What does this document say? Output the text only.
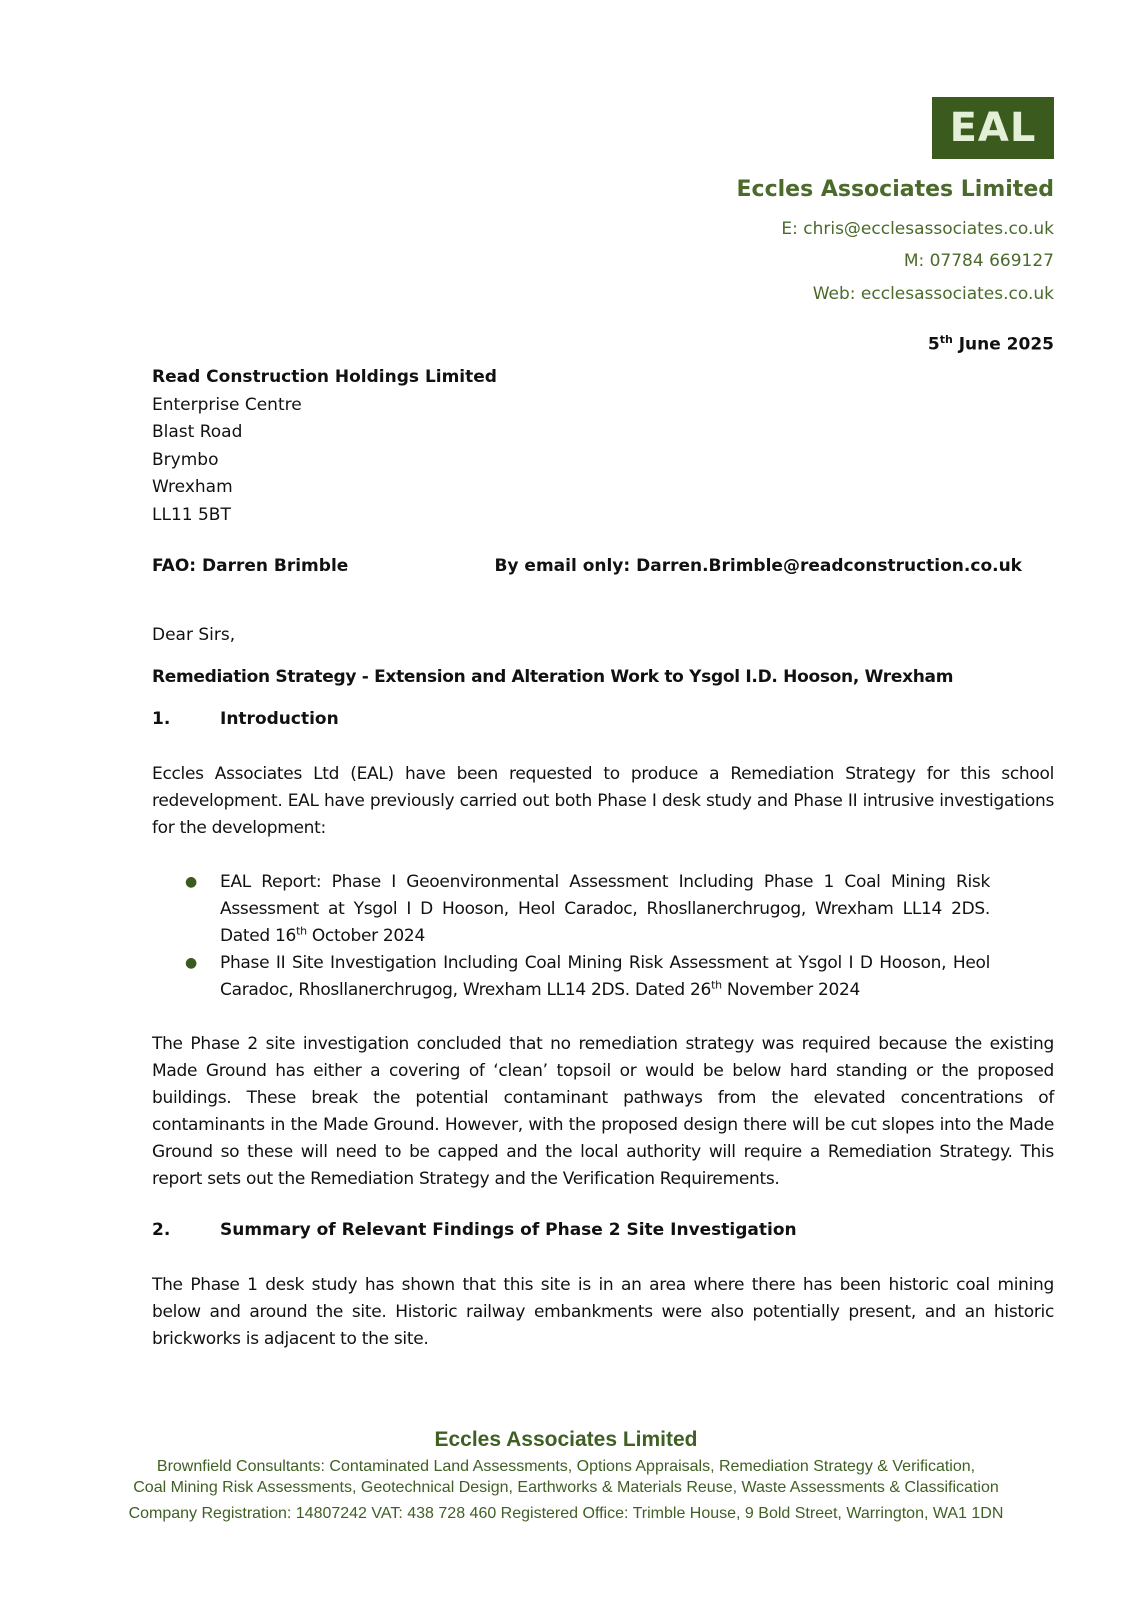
EAL
Eccles Associates Limited
E: chris@ecclesassociates.co.uk
M: 07784 669127
Web: ecclesassociates.co.uk
5th June 2025
Read Construction Holdings Limited
Enterprise Centre
Blast Road
Brymbo
Wrexham
LL11 5BT
FAO: Darren Brimble	By email only: Darren.Brimble@readconstruction.co.uk
Dear Sirs,
Remediation Strategy - Extension and Alteration Work to Ysgol I.D. Hooson, Wrexham
1.	Introduction
Eccles Associates Ltd (EAL) have been requested to produce a Remediation Strategy for this school redevelopment. EAL have previously carried out both Phase I desk study and Phase II intrusive investigations for the development:
●	EAL Report: Phase I Geoenvironmental Assessment Including Phase 1 Coal Mining Risk Assessment at Ysgol I D Hooson, Heol Caradoc, Rhosllanerchrugog, Wrexham LL14 2DS. Dated 16th October 2024
●	Phase II Site Investigation Including Coal Mining Risk Assessment at Ysgol I D Hooson, Heol Caradoc, Rhosllanerchrugog, Wrexham LL14 2DS. Dated 26th November 2024
The Phase 2 site investigation concluded that no remediation strategy was required because the existing Made Ground has either a covering of ‘clean’ topsoil or would be below hard standing or the proposed buildings. These break the potential contaminant pathways from the elevated concentrations of contaminants in the Made Ground. However, with the proposed design there will be cut slopes into the Made Ground so these will need to be capped and the local authority will require a Remediation Strategy. This report sets out the Remediation Strategy and the Verification Requirements.
2.	Summary of Relevant Findings of Phase 2 Site Investigation
The Phase 1 desk study has shown that this site is in an area where there has been historic coal mining below and around the site. Historic railway embankments were also potentially present, and an historic brickworks is adjacent to the site.
Eccles Associates Limited
Brownfield Consultants: Contaminated Land Assessments, Options Appraisals, Remediation Strategy & Verification,
Coal Mining Risk Assessments, Geotechnical Design, Earthworks & Materials Reuse, Waste Assessments & Classification
Company Registration: 14807242 VAT: 438 728 460 Registered Office: Trimble House, 9 Bold Street, Warrington, WA1 1DN
